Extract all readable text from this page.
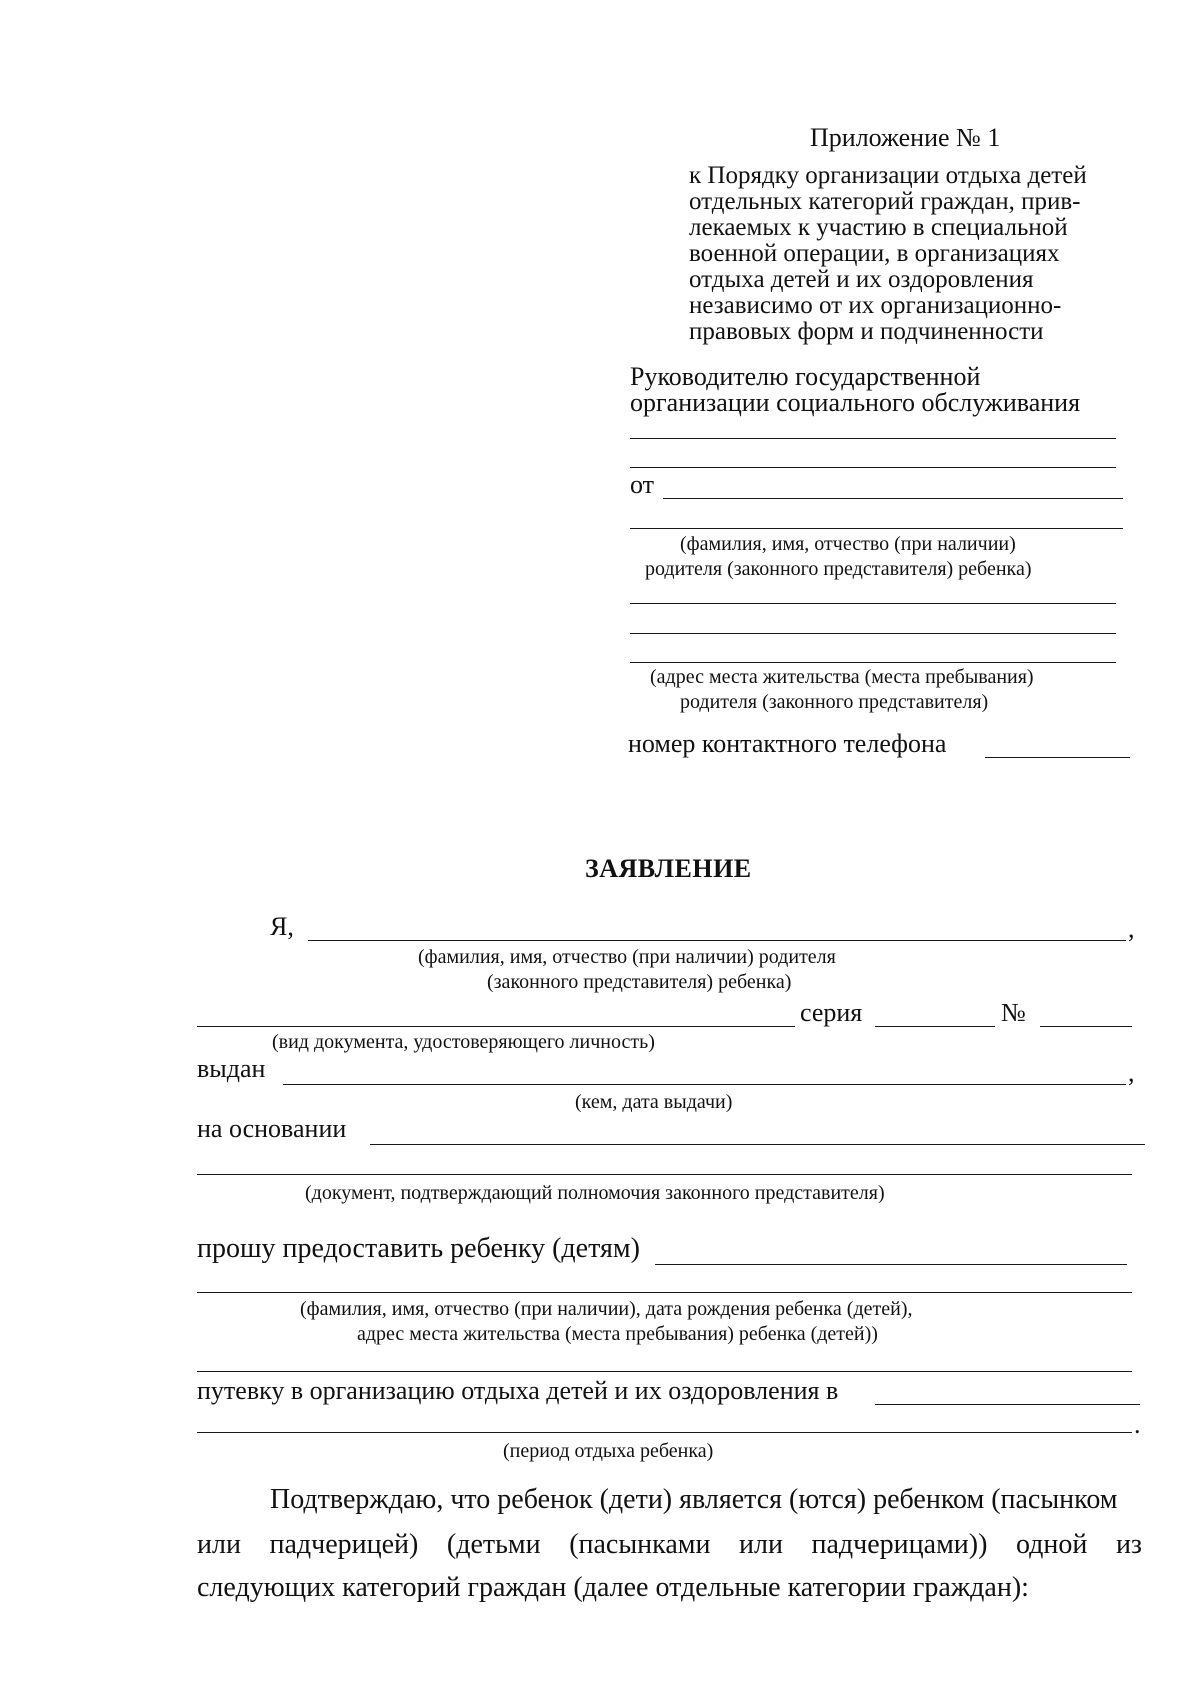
Приложение № 1
к Порядку организации отдыха детей
отдельных категорий граждан, прив-
лекаемых к участию в специальной
военной операции, в организациях
отдыха детей и их оздоровления
независимо от их организационно-
правовых форм и подчиненности
Руководителю государственной
организации социального обслуживания
от
(фамилия, имя, отчество (при наличии)
родителя (законного представителя) ребенка)
(адрес места жительства (места пребывания)
родителя (законного представителя)
номер контактного телефона
ЗАЯВЛЕНИЕ
Я,	,
(фамилия, имя, отчество (при наличии) родителя
(законного представителя) ребенка)
серия	№
(вид документа, удостоверяющего личность)
выдан	,
(кем, дата выдачи)
на основании
(документ, подтверждающий полномочия законного представителя)
прошу предоставить ребенку (детям)
(фамилия, имя, отчество (при наличии), дата рождения ребенка (детей),
адрес места жительства (места пребывания) ребенка (детей))
путевку в организацию отдыха детей и их оздоровления в
.
(период отдыха ребенка)
Подтверждаю, что ребенок (дети) является (ются) ребенком (пасынком
или падчерицей) (детьми (пасынками или падчерицами)) одной из
следующих категорий граждан (далее отдельные категории граждан):
